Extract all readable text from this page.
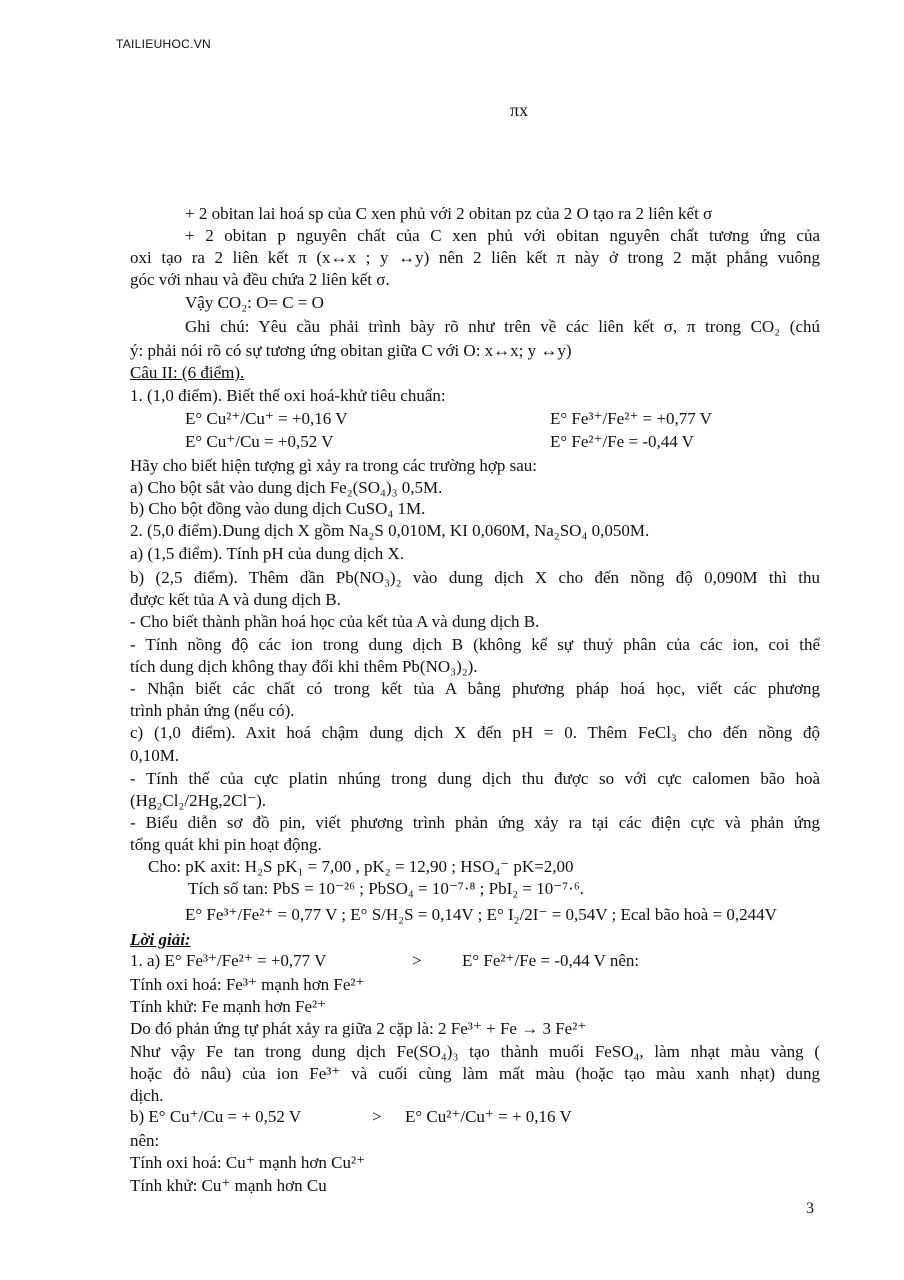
TAILIEUHOC.VN
πx
+ 2 obitan lai hoá sp của C xen phủ với 2 obitan pz của 2 O tạo ra 2 liên kết σ
+ 2 obitan p nguyên chất của C xen phủ với obitan nguyên chất tương ứng của
oxi tạo ra 2 liên kết π (x↔x ; y ↔y) nên 2 liên kết π này ở trong 2 mặt phẳng vuông
góc với nhau và đều chứa 2 liên kết σ.
Vậy CO₂: O= C = O
Ghi chú: Yêu cầu phải trình bày rõ như trên về các liên kết σ, π trong CO₂ (chú
ý: phải nói rõ có sự tương ứng obitan giữa C với O: x↔x; y ↔y)
Câu II: (6 điểm).
1. (1,0 điểm). Biết thế oxi hoá-khử tiêu chuẩn:
E° Cu²⁺/Cu⁺ = +0,16 V	E° Fe³⁺/Fe²⁺ = +0,77 V
E° Cu⁺/Cu = +0,52 V	E° Fe²⁺/Fe = -0,44 V
Hãy cho biết hiện tượng gì xảy ra trong các trường hợp sau:
a) Cho bột sắt vào dung dịch Fe₂(SO₄)₃ 0,5M.
b) Cho bột đồng vào dung dịch CuSO₄ 1M.
2. (5,0 điểm).Dung dịch X gồm Na₂S 0,010M, KI 0,060M, Na₂SO₄ 0,050M.
a) (1,5 điểm). Tính pH của dung dịch X.
b) (2,5 điểm). Thêm dần Pb(NO₃)₂ vào dung dịch X cho đến nồng độ 0,090M thì thu
được kết tủa A và dung dịch B.
- Cho biết thành phần hoá học của kết tủa A và dung dịch B.
- Tính nồng độ các ion trong dung dịch B (không kể sự thuỷ phân của các ion, coi thể
tích dung dịch không thay đổi khi thêm Pb(NO₃)₂).
- Nhận biết các chất có trong kết tủa A bằng phương pháp hoá học, viết các phương
trình phản ứng (nếu có).
c) (1,0 điểm). Axit hoá chậm dung dịch X đến pH = 0. Thêm FeCl₃ cho đến nồng độ
0,10M.
- Tính thế của cực platin nhúng trong dung dịch thu được so với cực calomen bão hoà
(Hg₂Cl₂/2Hg,2Cl⁻).
- Biểu diễn sơ đồ pin, viết phương trình phản ứng xảy ra tại các điện cực và phản ứng
tổng quát khi pin hoạt động.
Cho: pK axit: H₂S pK₁ = 7,00 , pK₂ = 12,90 ; HSO₄⁻ pK=2,00
Tích số tan: PbS = 10⁻²⁶ ; PbSO₄ = 10⁻⁷·⁸ ; PbI₂ = 10⁻⁷·⁶.
E° Fe³⁺/Fe²⁺ = 0,77 V ; E° S/H₂S = 0,14V ; E° I₂/2I⁻ = 0,54V ; Ecal bão hoà = 0,244V
Lời giải:
1. a) E° Fe³⁺/Fe²⁺ = +0,77 V	> E° Fe²⁺/Fe = -0,44 V nên:
Tính oxi hoá: Fe³⁺ mạnh hơn Fe²⁺
Tính khử: Fe mạnh hơn Fe²⁺
Do đó phản ứng tự phát xảy ra giữa 2 cặp là: 2 Fe³⁺ + Fe → 3 Fe²⁺
Như vậy Fe tan trong dung dịch Fe(SO₄)₃ tạo thành muối FeSO₄, làm nhạt màu vàng (
hoặc đỏ nâu) của ion Fe³⁺ và cuối cùng làm mất màu (hoặc tạo màu xanh nhạt) dung
dịch.
b) E° Cu⁺/Cu = + 0,52 V	> E° Cu²⁺/Cu⁺ = + 0,16 V
nên:
Tính oxi hoá: Cu⁺ mạnh hơn Cu²⁺
Tính khử: Cu⁺ mạnh hơn Cu
3
